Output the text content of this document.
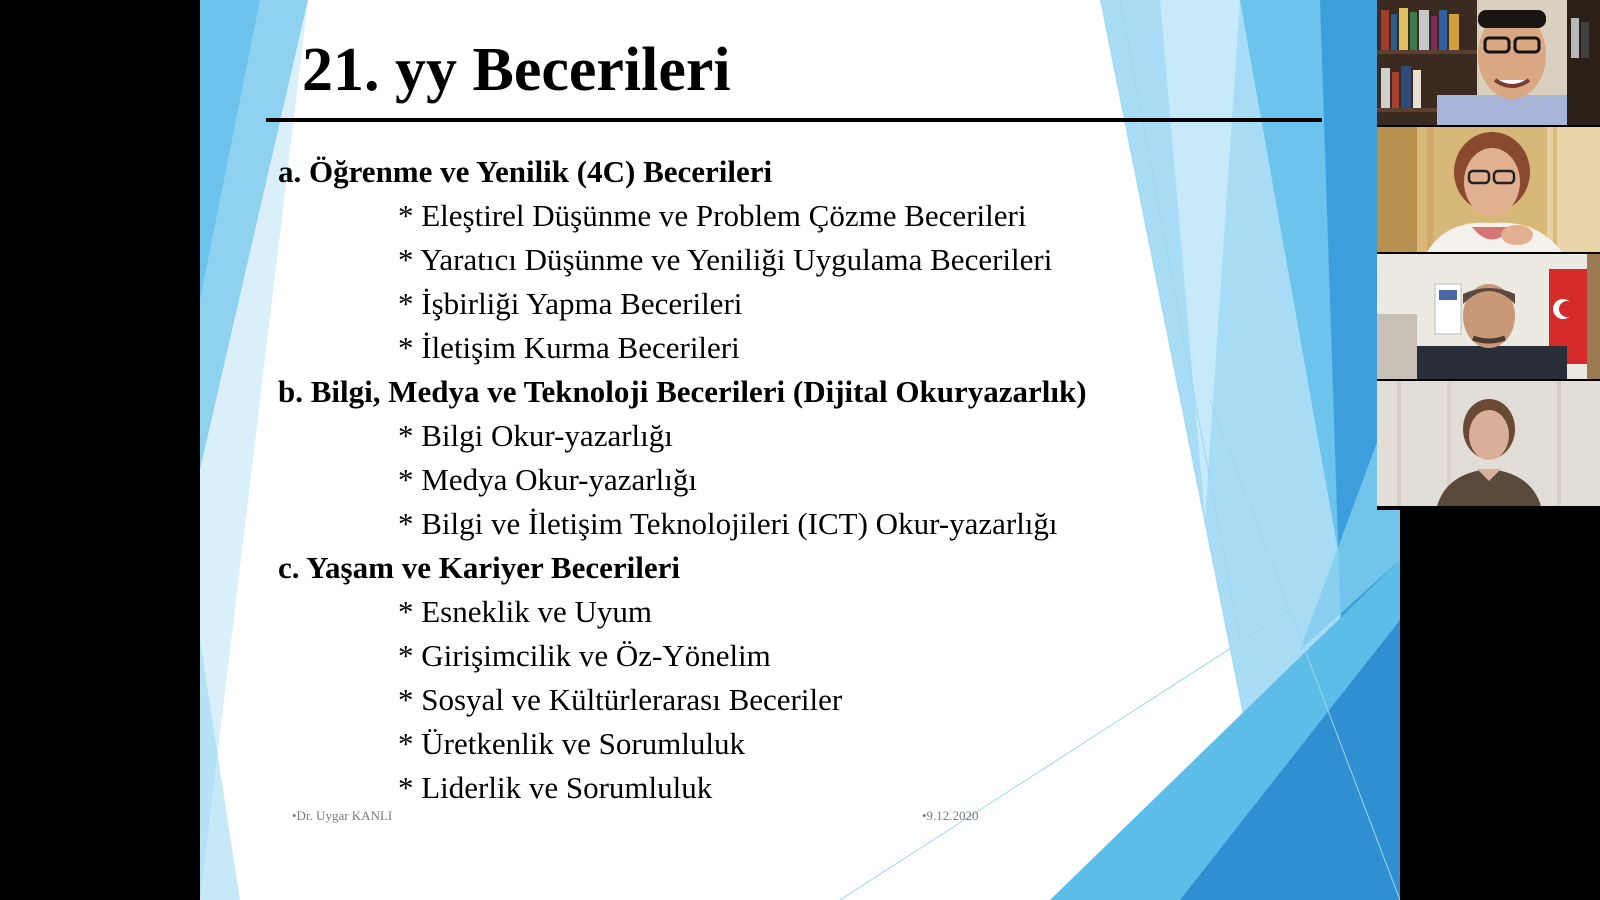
21. yy Becerileri
a. Öğrenme ve Yenilik (4C) Becerileri
* Eleştirel Düşünme ve Problem Çözme Becerileri
* Yaratıcı Düşünme ve Yeniliği Uygulama Becerileri
* İşbirliği Yapma Becerileri
* İletişim Kurma Becerileri
b. Bilgi, Medya ve Teknoloji Becerileri (Dijital Okuryazarlık)
* Bilgi Okur-yazarlığı
* Medya Okur-yazarlığı
* Bilgi ve İletişim Teknolojileri (ICT) Okur-yazarlığı
c. Yaşam ve Kariyer Becerileri
* Esneklik ve Uyum
* Girişimcilik ve Öz-Yönelim
* Sosyal ve Kültürlerarası Beceriler
* Üretkenlik ve Sorumluluk
* Liderlik ve Sorumluluk
•Dr. Uygar KANLI	•9.12.2020
